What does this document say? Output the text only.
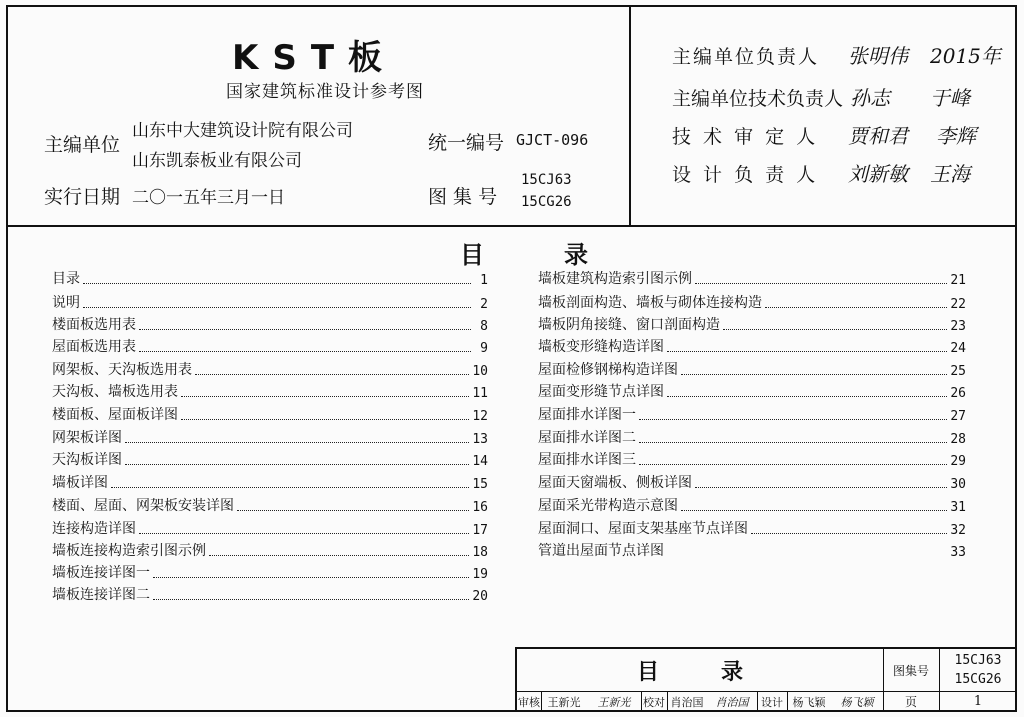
KST板
国家建筑标准设计参考图
主编单位
山东中大建筑设计院有限公司
山东凯泰板业有限公司
统一编号 GJCT-096
实行日期 二〇一五年三月一日	图 集 号
15CJ63
15CG26
主编单位负责人 张明伟 2015年
主编单位技术负责人 孙志 于峰
技 术 审 定 人 贾和君 李辉
设 计 负 责 人 刘新敏 王海
目　录
目录	1
说明	2
楼面板选用表	8
屋面板选用表	9
网架板、天沟板选用表	10
天沟板、墙板选用表	11
楼面板、屋面板详图	12
网架板详图	13
天沟板详图	14
墙板详图	15
楼面、屋面、网架板安装详图	16
连接构造详图	17
墙板连接构造索引图示例	18
墙板连接详图一	19
墙板连接详图二	20
墙板建筑构造索引图示例	21
墙板剖面构造、墙板与砌体连接构造	22
墙板阴角接缝、窗口剖面构造	23
墙板变形缝构造详图	24
屋面检修钢梯构造详图	25
屋面变形缝节点详图	26
屋面排水详图一	27
屋面排水详图二	28
屋面排水详图三	29
屋面天窗端板、侧板详图	30
屋面采光带构造示意图	31
屋面洞口、屋面支架基座节点详图	32
管道出屋面节点详图	33
目　录	图集号
15CJ63
15CG26
审核 王新光	王新光	校对 肖治国	肖治国	设计 杨飞颖	杨飞颖	页	1
